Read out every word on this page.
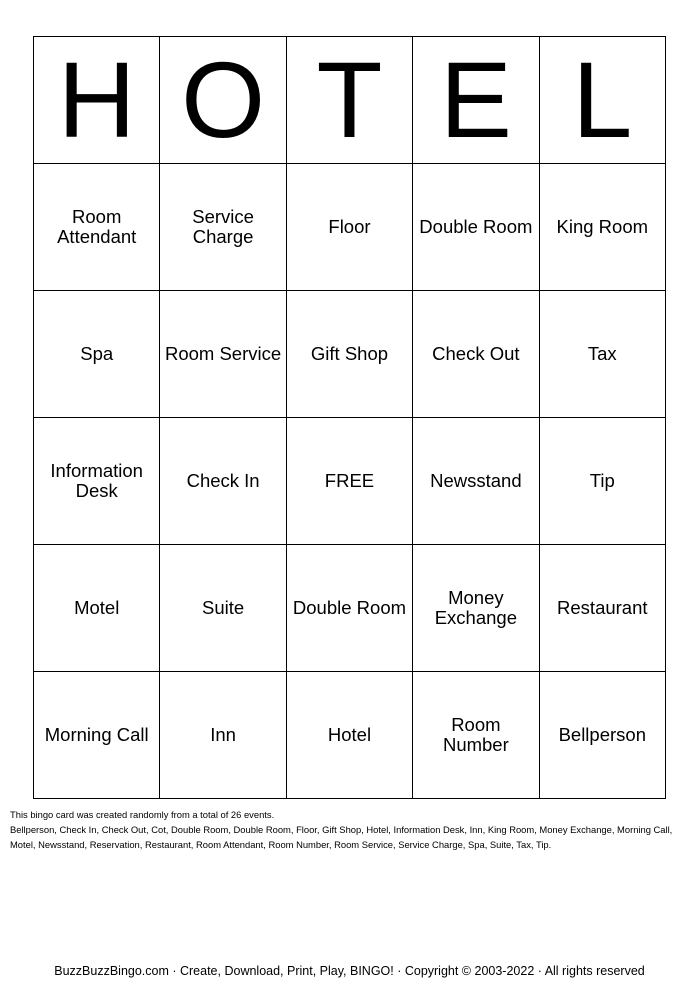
H	O	T	E	L
Room Attendant	Service Charge	Floor	Double Room	King Room
Spa	Room Service	Gift Shop	Check Out	Tax
Information Desk	Check In	FREE	Newsstand	Tip
Motel	Suite	Double Room	Money Exchange	Restaurant
Morning Call	Inn	Hotel	Room Number	Bellperson
This bingo card was created randomly from a total of 26 events.
Bellperson, Check In, Check Out, Cot, Double Room, Double Room, Floor, Gift Shop, Hotel, Information Desk, Inn, King Room, Money Exchange, Morning Call,
Motel, Newsstand, Reservation, Restaurant, Room Attendant, Room Number, Room Service, Service Charge, Spa, Suite, Tax, Tip.
BuzzBuzzBingo.com · Create, Download, Print, Play, BINGO! · Copyright © 2003-2022 · All rights reserved
